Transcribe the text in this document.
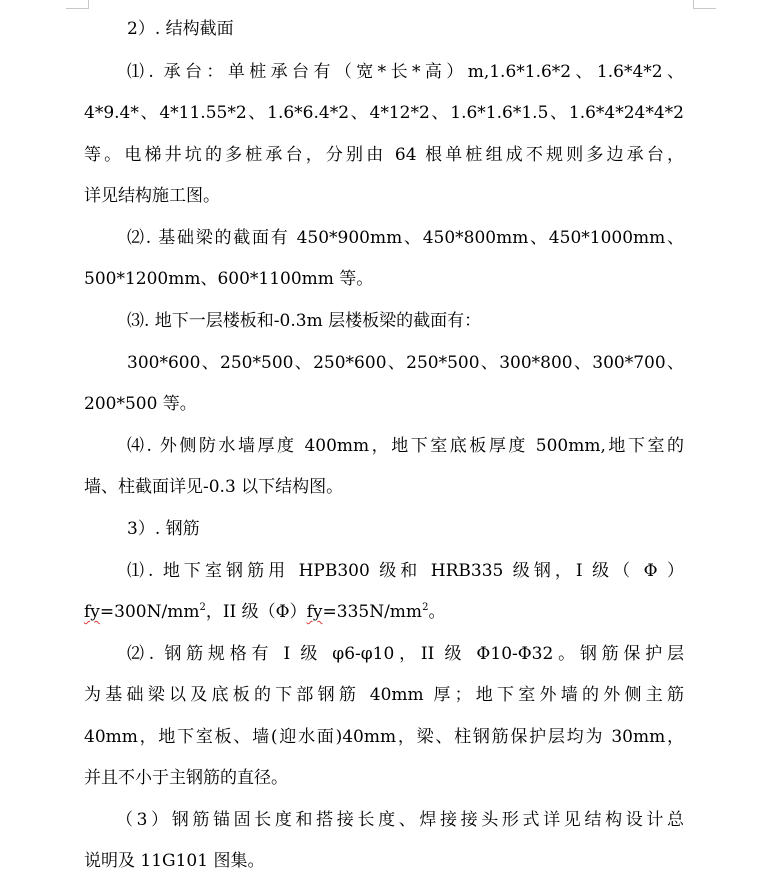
2）. 结构截面
⑴. 承台：单桩承台有（宽*长*高）m,1.6*1.6*2、1.6*4*2、
4*9.4*、4*11.55*2、1.6*6.4*2、4*12*2、1.6*1.6*1.5、1.6*4*24*4*2
等。电梯井坑的多桩承台，分别由 64 根单桩组成不规则多边承台，
详见结构施工图。
⑵. 基础梁的截面有 450*900mm、450*800mm、450*1000mm、
500*1200mm、600*1100mm 等。
⑶. 地下一层楼板和-0.3m 层楼板梁的截面有：
300*600、250*500、250*600、250*500、300*800、300*700、
200*500 等。
⑷. 外侧防水墙厚度 400mm，地下室底板厚度 500mm,地下室的
墙、柱截面详见-0.3 以下结构图。
3）. 钢筋
⑴. 地下室钢筋用 HPB300 级和 HRB335 级钢，I 级（ Φ ）
$fy=300N/mm^2$，II 级$(\Phi)fy=335N/mm^2$。
⑵. 钢筋规格有 I 级 φ6-φ10，II 级 Φ10-Φ32。钢筋保护层
为基础梁以及底板的下部钢筋 40mm 厚；地下室外墙的外侧主筋
40mm，地下室板、墙(迎水面)40mm，梁、柱钢筋保护层均为 30mm，
并且不小于主钢筋的直径。
（3）钢筋锚固长度和搭接长度、焊接接头形式详见结构设计总
说明及 11G101 图集。
